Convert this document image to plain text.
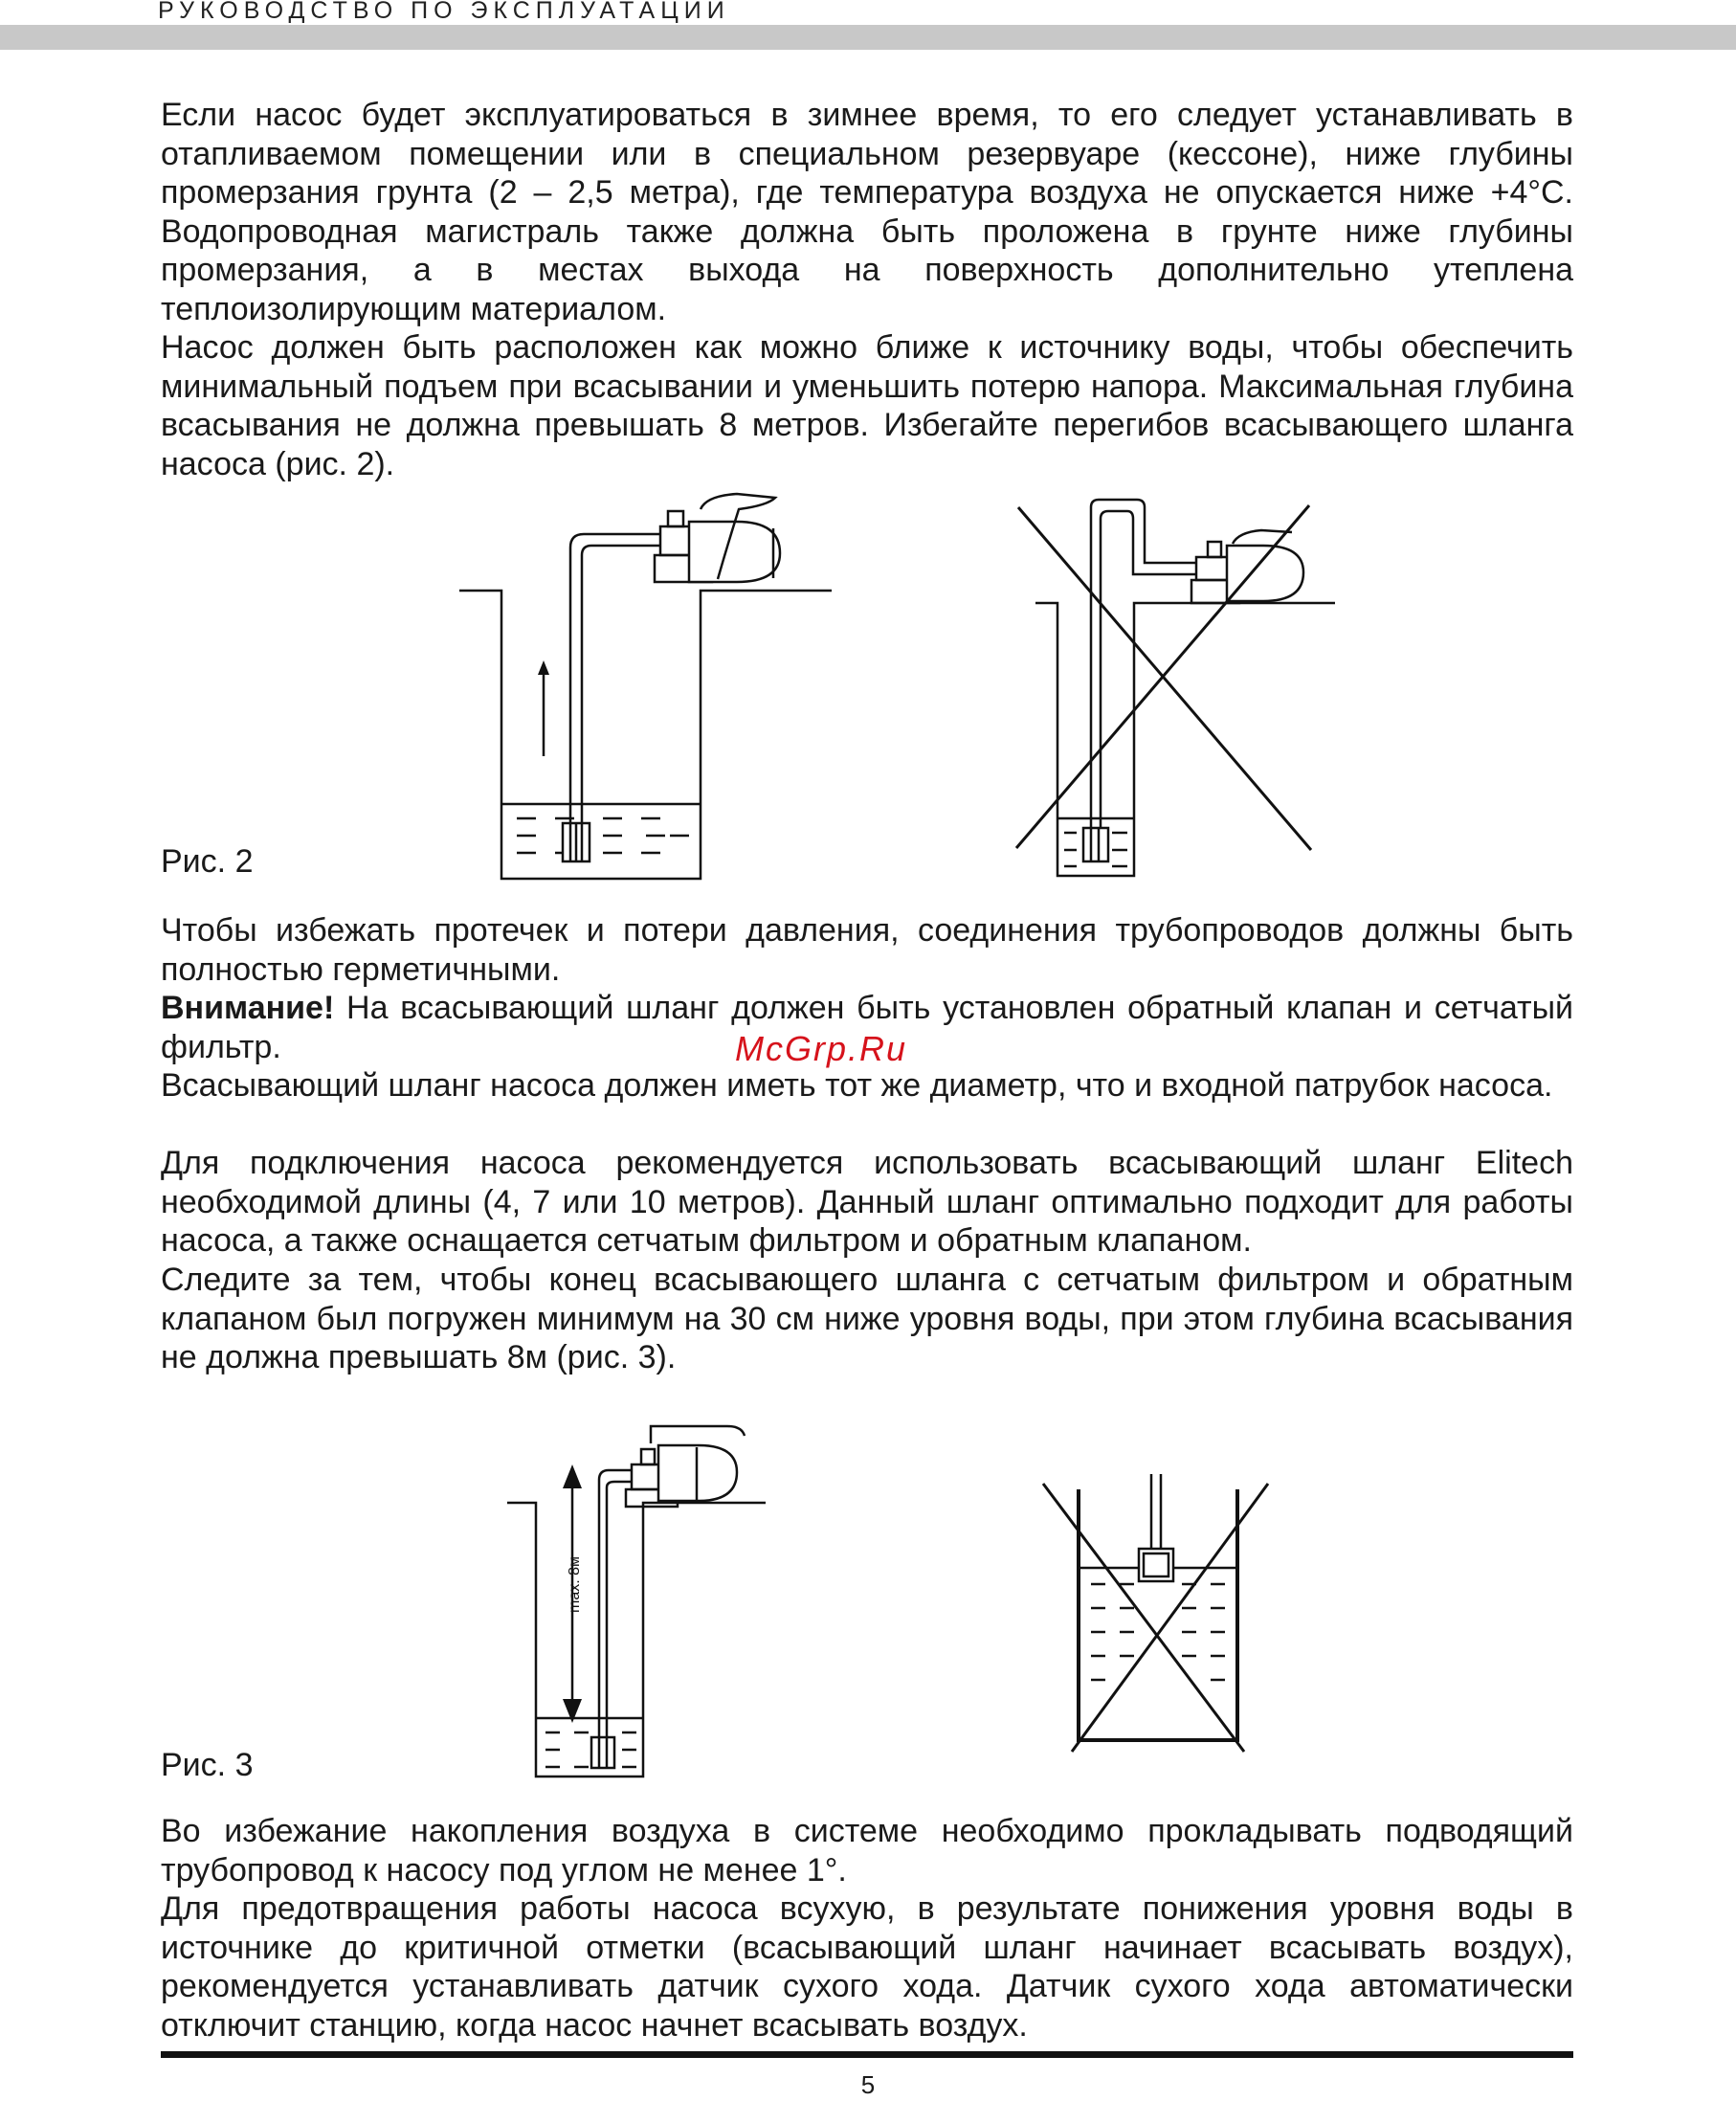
РУКОВОДСТВО ПО ЭКСПЛУАТАЦИИ

Если насос будет эксплуатироваться в зимнее время, то его следует устанавливать в отапливаемом помещении или в специальном резервуаре (кессоне), ниже глубины промерзания грунта (2 – 2,5 метра), где температура воздуха не опускается ниже +4°С. Водопроводная магистраль также должна быть проложена в грунте ниже глубины промерзания, а в местах выхода на поверхность дополнительно утеплена теплоизолирующим материалом.

Насос должен быть расположен как можно ближе к источнику воды, чтобы обеспечить минимальный подъем при всасывании и уменьшить потерю напора. Максимальная глубина всасывания не должна превышать 8 метров. Избегайте перегибов всасывающего шланга насоса (рис. 2).

Рис. 2

Чтобы избежать протечек и потери давления, соединения трубопроводов должны быть полностью герметичными.

Внимание! На всасывающий шланг должен быть установлен обратный клапан и сетчатый фильтр.

Всасывающий шланг насоса должен иметь тот же диаметр, что и входной патрубок насоса.

Для подключения насоса рекомендуется использовать всасывающий шланг Elitech необходимой длины (4, 7 или 10 метров). Данный шланг оптимально подходит для работы насоса, а также оснащается сетчатым фильтром и обратным клапаном.

Следите за тем, чтобы конец всасывающего шланга с сетчатым фильтром и обратным клапаном был погружен минимум на 30 см ниже уровня воды, при этом глубина всасывания не должна превышать 8м (рис. 3).

McGrp.Ru
max. 8м
Рис. 3

Во избежание накопления воздуха в системе необходимо прокладывать подводящий трубопровод к насосу под углом не менее 1°.

Для предотвращения работы насоса всухую, в результате понижения уровня воды в источнике до критичной отметки (всасывающий шланг начинает всасывать воздух), рекомендуется устанавливать датчик сухого хода. Датчик сухого хода автоматически отключит станцию, когда насос начнет всасывать воздух.

5
